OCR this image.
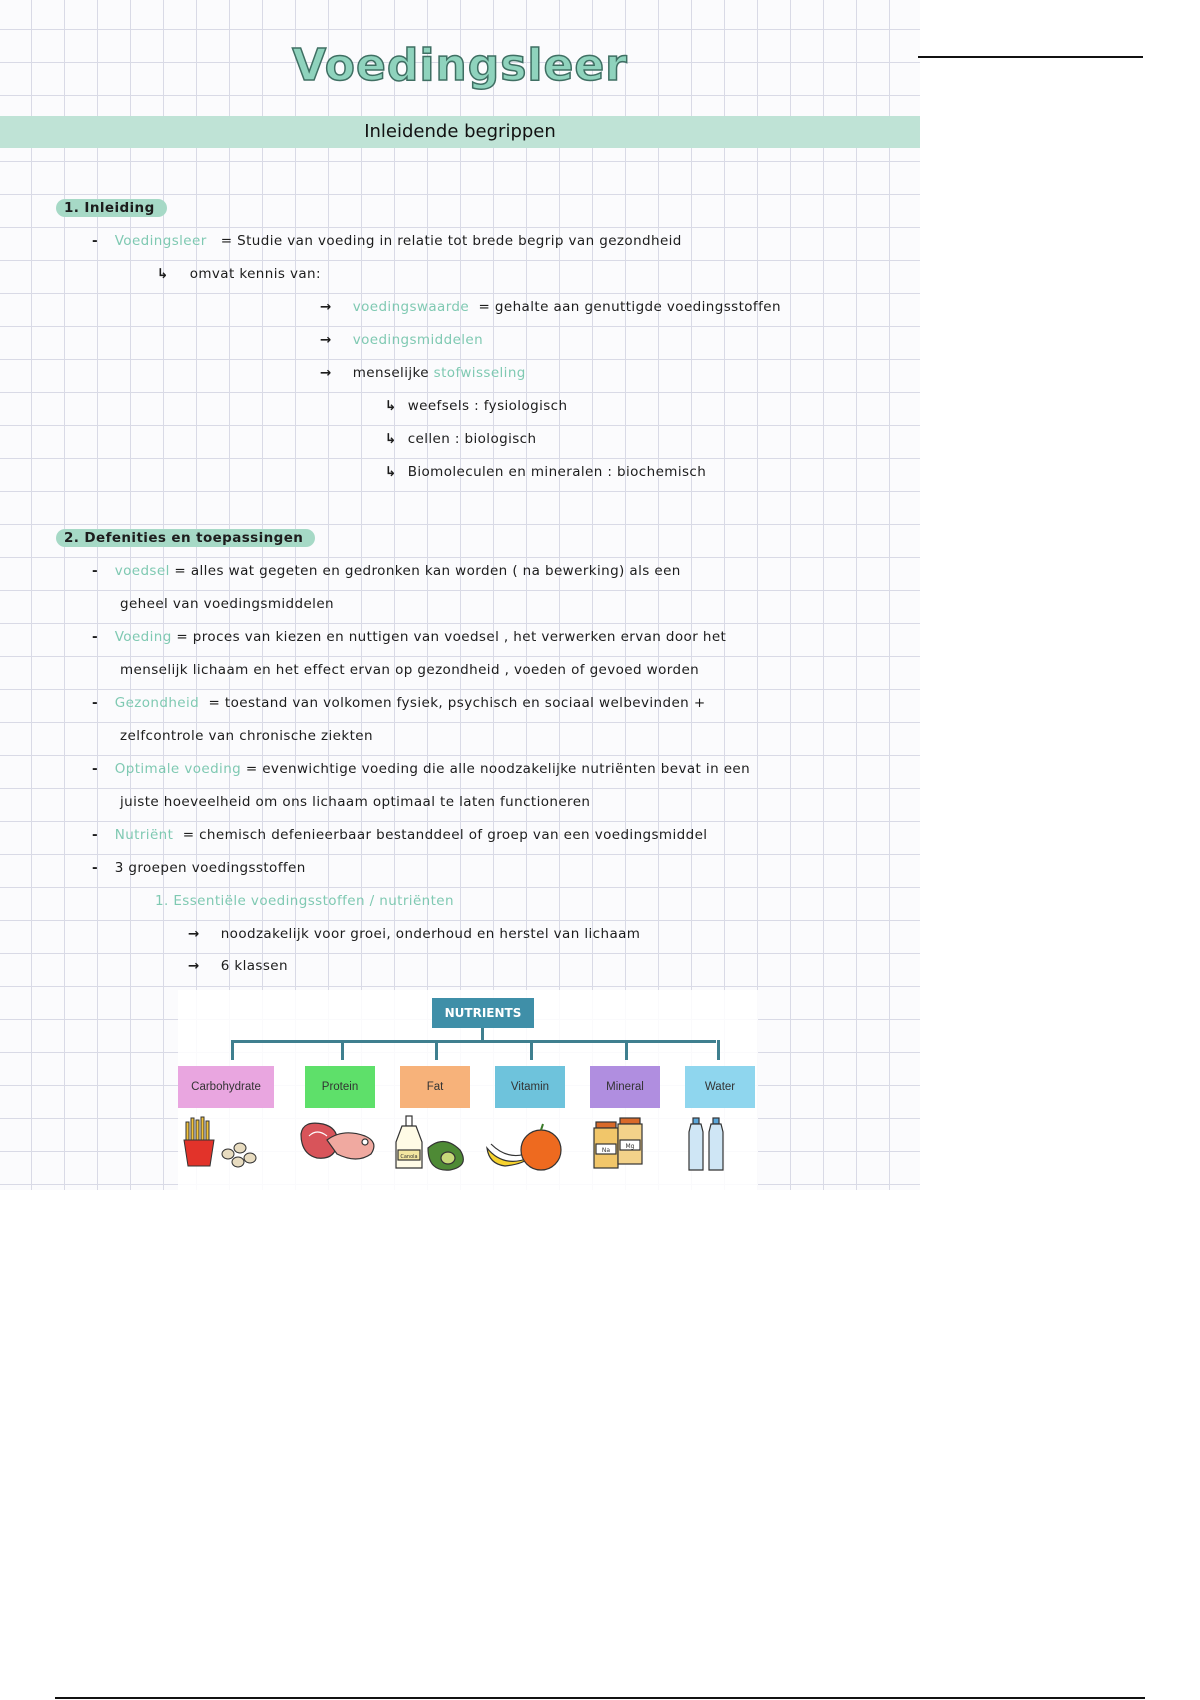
Voedingsleer
Inleidende begrippen
1. Inleiding
- Voedingsleer = Studie van voeding in relatie tot brede begrip van gezondheid
↳ omvat kennis van:
→ voedingswaarde = gehalte aan genuttigde voedingsstoffen
→ voedingsmiddelen
→ menselijke stofwisseling
↳ weefsels : fysiologisch
↳ cellen : biologisch
↳ Biomoleculen en mineralen : biochemisch
2. Defenities en toepassingen
- voedsel = alles wat gegeten en gedronken kan worden ( na bewerking) als een
geheel van voedingsmiddelen
- Voeding = proces van kiezen en nuttigen van voedsel , het verwerken ervan door het
menselijk lichaam en het effect ervan op gezondheid , voeden of gevoed worden
- Gezondheid = toestand van volkomen fysiek, psychisch en sociaal welbevinden +
zelfcontrole van chronische ziekten
- Optimale voeding = evenwichtige voeding die alle noodzakelijke nutriënten bevat in een
juiste hoeveelheid om ons lichaam optimaal te laten functioneren
- Nutriënt = chemisch defenieerbaar bestanddeel of groep van een voedingsmiddel
- 3 groepen voedingsstoffen
1. Essentiële voedingsstoffen / nutriënten
→ noodzakelijk voor groei, onderhoud en herstel van lichaam
→ 6 klassen
NUTRIENTS
Carbohydrate	Protein	Fat	Vitamin	Mineral	Water
Canola
Na
Mg
